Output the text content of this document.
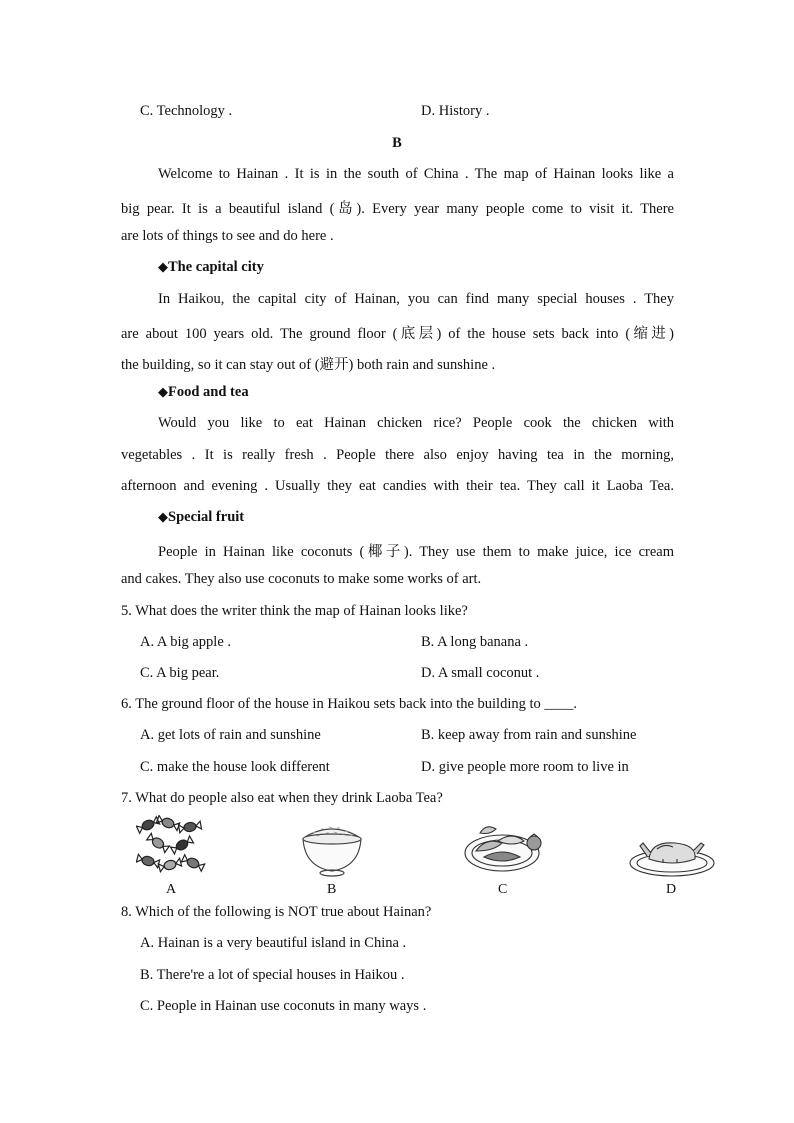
C. Technology .	D. History .
B
Welcome to Hainan . It is in the south of China . The map of Hainan looks like a
big pear. It is a beautiful island (岛). Every year many people come to visit it. There
are lots of things to see and do here .
◆The capital city
In Haikou, the capital city of Hainan, you can find many special houses . They
are about 100 years old. The ground floor (底层) of the house sets back into (缩进)
the building, so it can stay out of (避开) both rain and sunshine .
◆Food and tea
Would you like to eat Hainan chicken rice? People cook the chicken with
vegetables . It is really fresh . People there also enjoy having tea in the morning,
afternoon and evening . Usually they eat candies with their tea. They call it Laoba Tea.
◆Special fruit
People in Hainan like coconuts (椰子). They use them to make juice, ice cream
and cakes. They also use coconuts to make some works of art.
5. What does the writer think the map of Hainan looks like?
A. A big apple .	B. A long banana .
C. A big pear.	D. A small coconut .
6. The ground floor of the house in Haikou sets back into the building to ____.
A. get lots of rain and sunshine	B. keep away from rain and sunshine
C. make the house look different	D. give people more room to live in
7. What do people also eat when they drink Laoba Tea?
A	B	C	D
8. Which of the following is NOT true about Hainan?
A. Hainan is a very beautiful island in China .
B. There're a lot of special houses in Haikou .
C. People in Hainan use coconuts in many ways .
